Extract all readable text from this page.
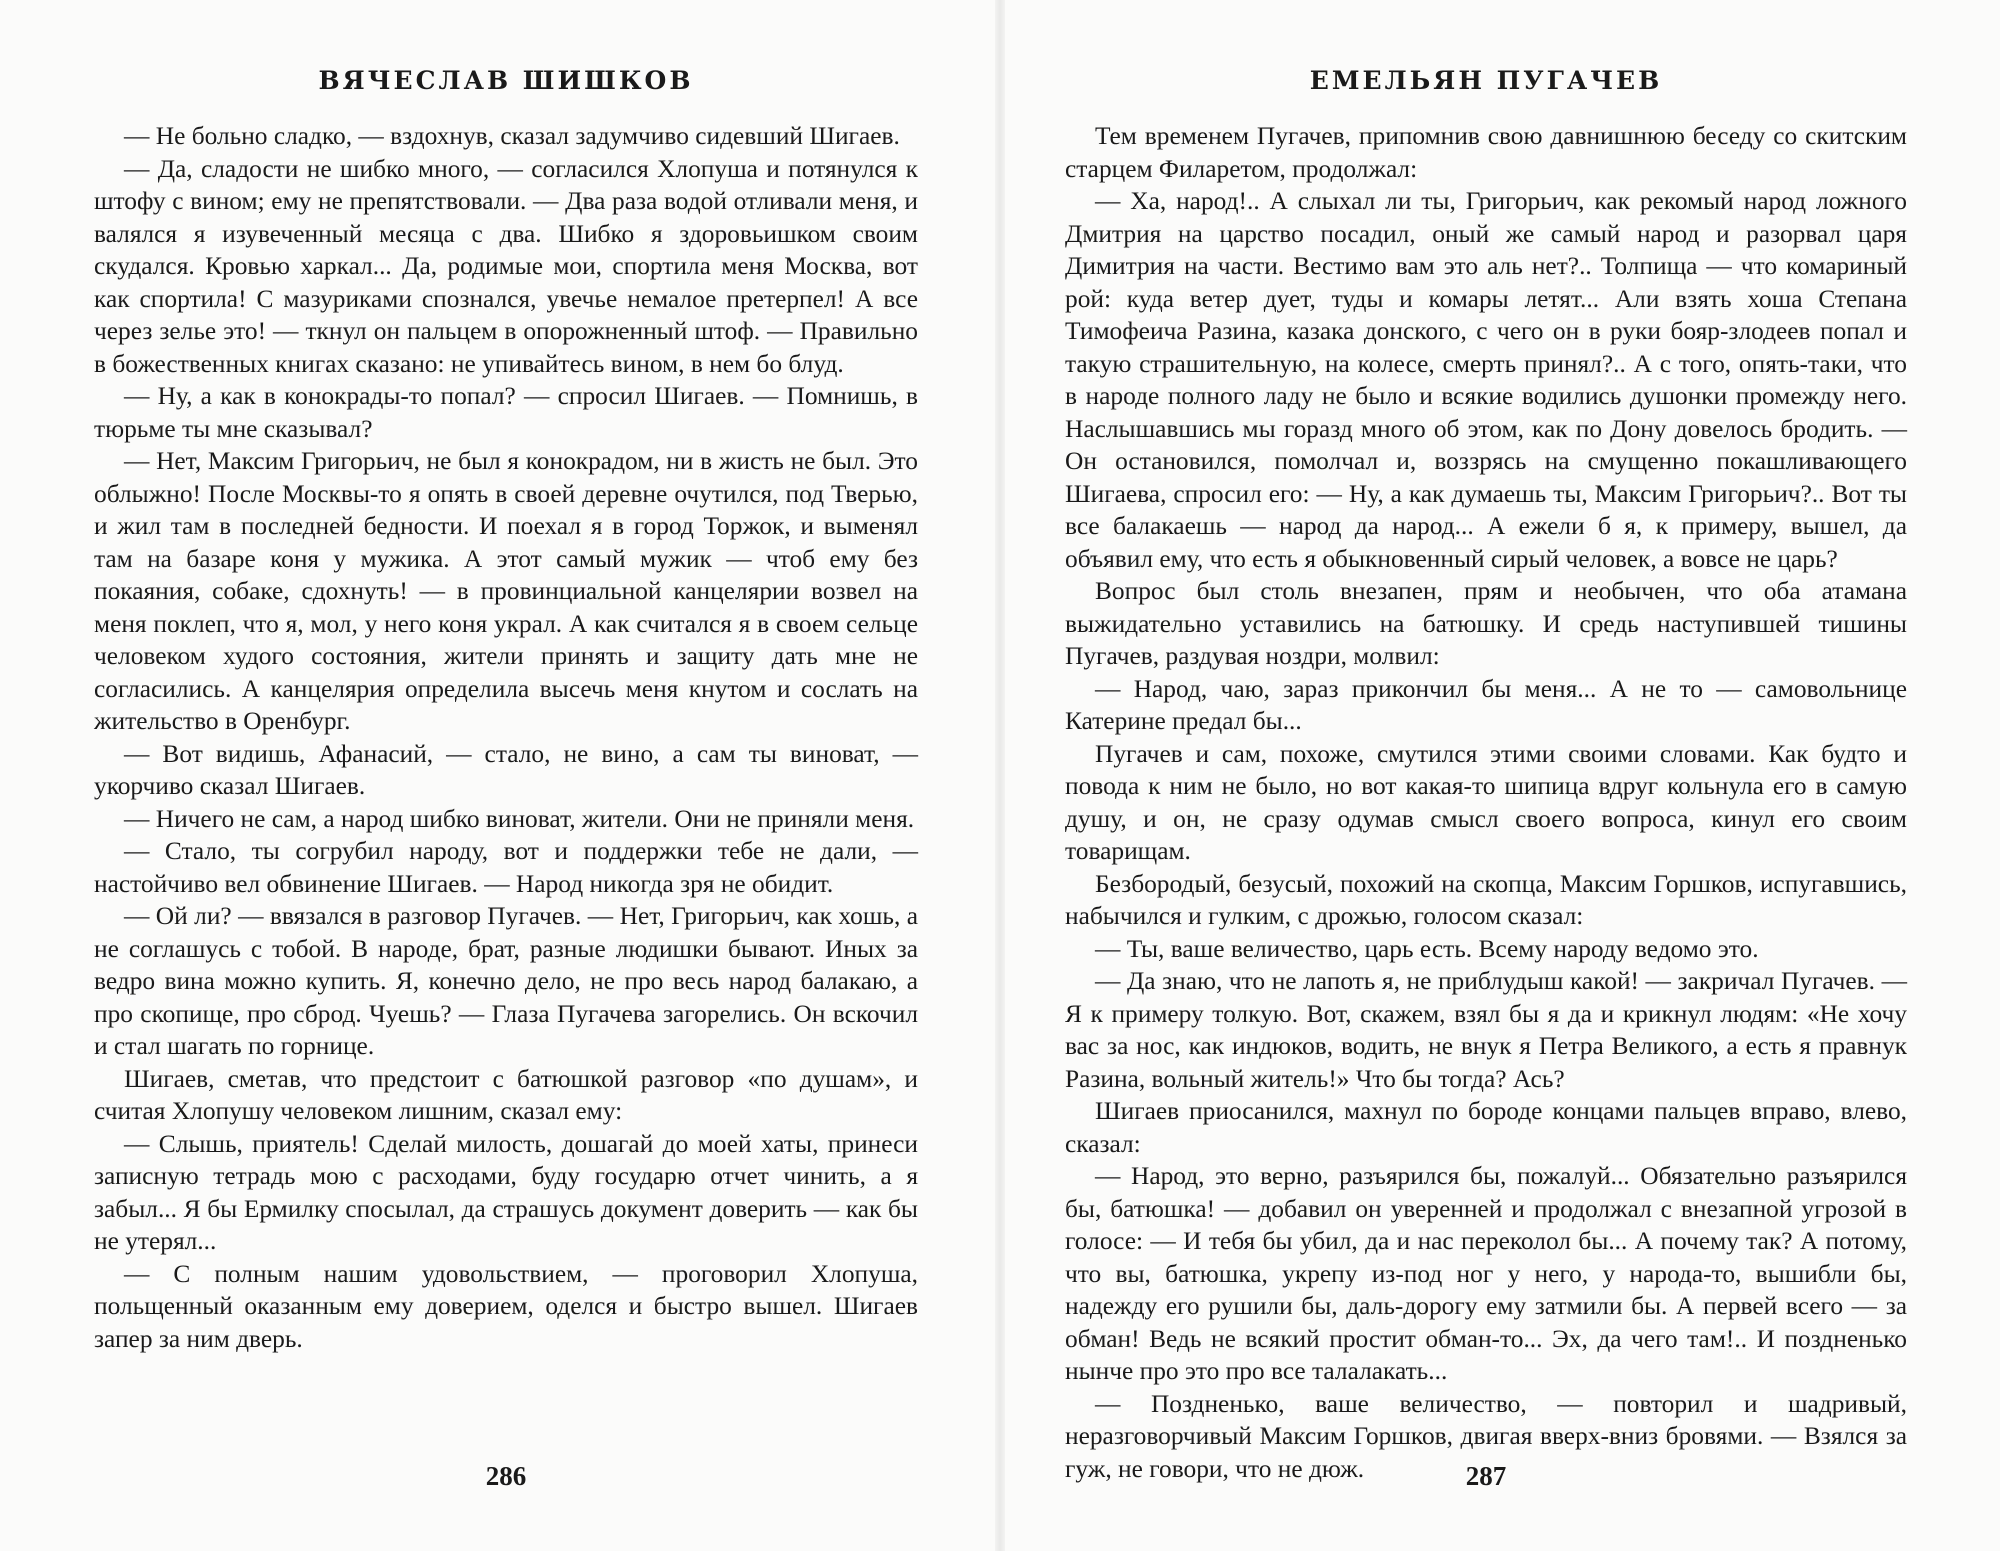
ВЯЧЕСЛАВ ШИШКОВ

— Не больно сладко, — вздохнув, сказал задумчиво сидевший Шигаев.

— Да, сладости не шибко много, — согласился Хлопуша и потянулся к штофу с вином; ему не препятствовали. — Два раза водой отливали меня, и валялся я изувеченный месяца с два. Шибко я здоровьишком своим скудался. Кровью харкал... Да, родимые мои, спортила меня Москва, вот как спортила! С мазуриками спознался, увечье немалое претерпел! А все через зелье это! — ткнул он пальцем в опорожненный штоф. — Правильно в божественных книгах сказано: не упивайтесь вином, в нем бо блуд.

— Ну, а как в конокрады-то попал? — спросил Шигаев. — Помнишь, в тюрьме ты мне сказывал?

— Нет, Максим Григорьич, не был я конокрадом, ни в жисть не был. Это облыжно! После Москвы-то я опять в своей деревне очутился, под Тверью, и жил там в последней бедности. И поехал я в город Торжок, и выменял там на базаре коня у мужика. А этот самый мужик — чтоб ему без покаяния, собаке, сдохнуть! — в провинциальной канцелярии возвел на меня поклеп, что я, мол, у него коня украл. А как считался я в своем сельце человеком худого состояния, жители принять и защиту дать мне не согласились. А канцелярия определила высечь меня кнутом и сослать на жительство в Оренбург.

— Вот видишь, Афанасий, — стало, не вино, а сам ты виноват, — укорчиво сказал Шигаев.

— Ничего не сам, а народ шибко виноват, жители. Они не приняли меня.

— Стало, ты согрубил народу, вот и поддержки тебе не дали, — настойчиво вел обвинение Шигаев. — Народ никогда зря не обидит.

— Ой ли? — ввязался в разговор Пугачев. — Нет, Григорьич, как хошь, а не соглашусь с тобой. В народе, брат, разные людишки бывают. Иных за ведро вина можно купить. Я, конечно дело, не про весь народ балакаю, а про скопище, про сброд. Чуешь? — Глаза Пугачева загорелись. Он вскочил и стал шагать по горнице.

Шигаев, сметав, что предстоит с батюшкой разговор «по душам», и считая Хлопушу человеком лишним, сказал ему:

— Слышь, приятель! Сделай милость, дошагай до моей хаты, принеси записную тетрадь мою с расходами, буду государю отчет чинить, а я забыл... Я бы Ермилку спосылал, да страшусь документ доверить — как бы не утерял...

— С полным нашим удовольствием, — проговорил Хлопуша, польщенный оказанным ему доверием, оделся и быстро вышел. Шигаев запер за ним дверь.

286
ЕМЕЛЬЯН ПУГАЧЕВ

Тем временем Пугачев, припомнив свою давнишнюю беседу со скитским старцем Филаретом, продолжал:

— Ха, народ!.. А слыхал ли ты, Григорьич, как рекомый народ ложного Дмитрия на царство посадил, оный же самый народ и разорвал царя Димитрия на части. Вестимо вам это аль нет?.. Толпища — что комариный рой: куда ветер дует, туды и комары летят... Али взять хоша Степана Тимофеича Разина, казака донского, с чего он в руки бояр-злодеев попал и такую страшительную, на колесе, смерть принял?.. А с того, опять-таки, что в народе полного ладу не было и всякие водились душонки промежду него. Наслышавшись мы горазд много об этом, как по Дону довелось бродить. — Он остановился, помолчал и, воззрясь на смущенно покашливающего Шигаева, спросил его: — Ну, а как думаешь ты, Максим Григорьич?.. Вот ты все балакаешь — народ да народ... А ежели б я, к примеру, вышел, да объявил ему, что есть я обыкновенный сирый человек, а вовсе не царь?

Вопрос был столь внезапен, прям и необычен, что оба атамана выжидательно уставились на батюшку. И средь наступившей тишины Пугачев, раздувая ноздри, молвил:

— Народ, чаю, зараз прикончил бы меня... А не то — самовольнице Катерине предал бы...

Пугачев и сам, похоже, смутился этими своими словами. Как будто и повода к ним не было, но вот какая-то шипица вдруг кольнула его в самую душу, и он, не сразу одумав смысл своего вопроса, кинул его своим товарищам.

Безбородый, безусый, похожий на скопца, Максим Горшков, испугавшись, набычился и гулким, с дрожью, голосом сказал:

— Ты, ваше величество, царь есть. Всему народу ведомо это.

— Да знаю, что не лапоть я, не приблудыш какой! — закричал Пугачев. — Я к примеру толкую. Вот, скажем, взял бы я да и крикнул людям: «Не хочу вас за нос, как индюков, водить, не внук я Петра Великого, а есть я правнук Разина, вольный житель!» Что бы тогда? Ась?

Шигаев приосанился, махнул по бороде концами пальцев вправо, влево, сказал:

— Народ, это верно, разъярился бы, пожалуй... Обязательно разъярился бы, батюшка! — добавил он уверенней и продолжал с внезапной угрозой в голосе: — И тебя бы убил, да и нас переколол бы... А почему так? А потому, что вы, батюшка, укрепу из-под ног у него, у народа-то, вышибли бы, надежду его рушили бы, даль-дорогу ему затмили бы. А первей всего — за обман! Ведь не всякий простит обман-то... Эх, да чего там!.. И поздненько нынче про это про все талалакать...

— Поздненько, ваше величество, — повторил и шадривый, неразговорчивый Максим Горшков, двигая вверх-вниз бровями. — Взялся за гуж, не говори, что не дюж.	287
